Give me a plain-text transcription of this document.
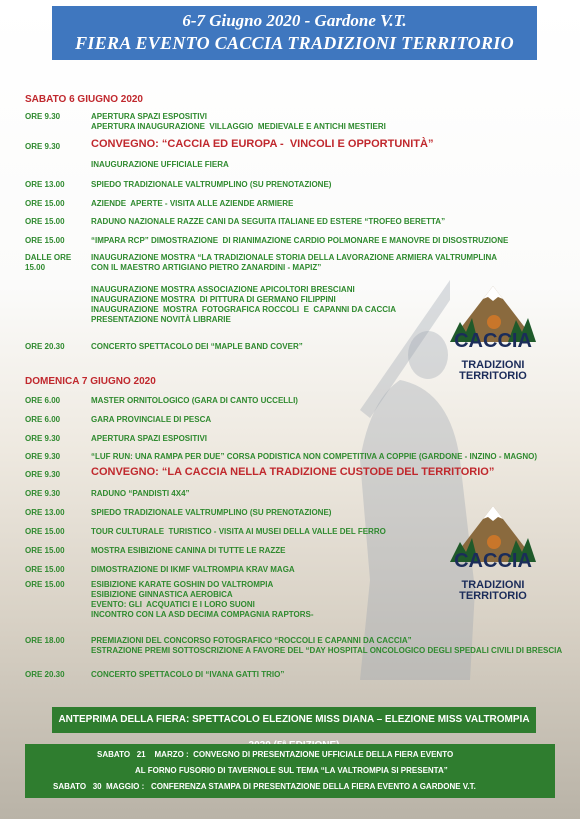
6-7 Giugno 2020 - Gardone V.T.
FIERA EVENTO CACCIA TRADIZIONI TERRITORIO
SABATO 6 GIUGNO 2020
ORE 9.30	APERTURA SPAZI ESPOSITIVI
APERTURA INAUGURAZIONE  VILLAGGIO  MEDIEVALE E ANTICHI MESTIERI
ORE 9.30	CONVEGNO: “CACCIA ED EUROPA -  VINCOLI E OPPORTUNITÀ”
INAUGURAZIONE UFFICIALE FIERA
ORE 13.00	SPIEDO TRADIZIONALE VALTRUMPLINO (SU PRENOTAZIONE)
ORE 15.00	AZIENDE  APERTE - VISITA ALLE AZIENDE ARMIERE
ORE 15.00	RADUNO NAZIONALE RAZZE CANI DA SEGUITA ITALIANE ED ESTERE “TROFEO BERETTA”
ORE 15.00	“IMPARA RCP” DIMOSTRAZIONE  DI RIANIMAZIONE CARDIO POLMONARE E MANOVRE DI DISOSTRUZIONE
DALLE ORE 15.00
INAUGURAZIONE MOSTRA “LA TRADIZIONALE STORIA DELLA LAVORAZIONE ARMIERA VALTRUMPLINA
CON IL MAESTRO ARTIGIANO PIETRO ZANARDINI - MAPIZ”
INAUGURAZIONE MOSTRA ASSOCIAZIONE APICOLTORI BRESCIANI
INAUGURAZIONE MOSTRA  DI PITTURA DI GERMANO FILIPPINI
INAUGURAZIONE  MOSTRA  FOTOGRAFICA ROCCOLI  E  CAPANNI DA CACCIA
PRESENTAZIONE NOVITÀ LIBRARIE
ORE 20.30	CONCERTO SPETTACOLO DEI “MAPLE BAND COVER”
DOMENICA 7 GIUGNO 2020
ORE 6.00	MASTER ORNITOLOGICO (GARA DI CANTO UCCELLI)
ORE 6.00	GARA PROVINCIALE DI PESCA
ORE 9.30	APERTURA SPAZI ESPOSITIVI
ORE 9.30	“LUF RUN: UNA RAMPA PER DUE” CORSA PODISTICA NON COMPETITIVA A COPPIE (GARDONE - INZINO - MAGNO)
ORE 9.30	CONVEGNO: “LA CACCIA NELLA TRADIZIONE CUSTODE DEL TERRITORIO”
ORE 9.30	RADUNO “PANDISTI 4X4”
ORE 13.00	SPIEDO TRADIZIONALE VALTRUMPLINO (SU PRENOTAZIONE)
ORE 15.00	TOUR CULTURALE  TURISTICO - VISITA AI MUSEI DELLA VALLE DEL FERRO
ORE 15.00	MOSTRA ESIBIZIONE CANINA DI TUTTE LE RAZZE
ORE 15.00	DIMOSTRAZIONE DI IKMF VALTROMPIA KRAV MAGA
ORE 15.00	ESIBIZIONE KARATE GOSHIN DO VALTROMPIA
ESIBIZIONE GINNASTICA AEROBICA
EVENTO: GLI  ACQUATICI E I LORO SUONI
INCONTRO CON LA ASD DECIMA COMPAGNIA RAPTORS-
ORE 18.00	PREMIAZIONI DEL CONCORSO FOTOGRAFICO “ROCCOLI E CAPANNI DA CACCIA”
ESTRAZIONE PREMI SOTTOSCRIZIONE A FAVORE DEL “DAY HOSPITAL ONCOLOGICO DEGLI SPEDALI CIVILI DI BRESCIA
ORE 20.30	CONCERTO SPETTACOLO DI “IVANA GATTI TRIO”
CACCIA
TRADIZIONI
TERRITORIO
CACCIA
TRADIZIONI
TERRITORIO
ANTEPRIMA DELLA FIERA: SPETTACOLO ELEZIONE MISS DIANA – ELEZIONE MISS VALTROMPIA
SABATO   21    MARZO :  CONVEGNO DI PRESENTAZIONE UFFICIALE DELLA FIERA EVENTO
AL FORNO FUSORIO DI TAVERNOLE SUL TEMA “LA VALTROMPIA SI PRESENTA”
SABATO   30  MAGGIO :   CONFERENZA STAMPA DI PRESENTAZIONE DELLA FIERA EVENTO A GARDONE V.T.
